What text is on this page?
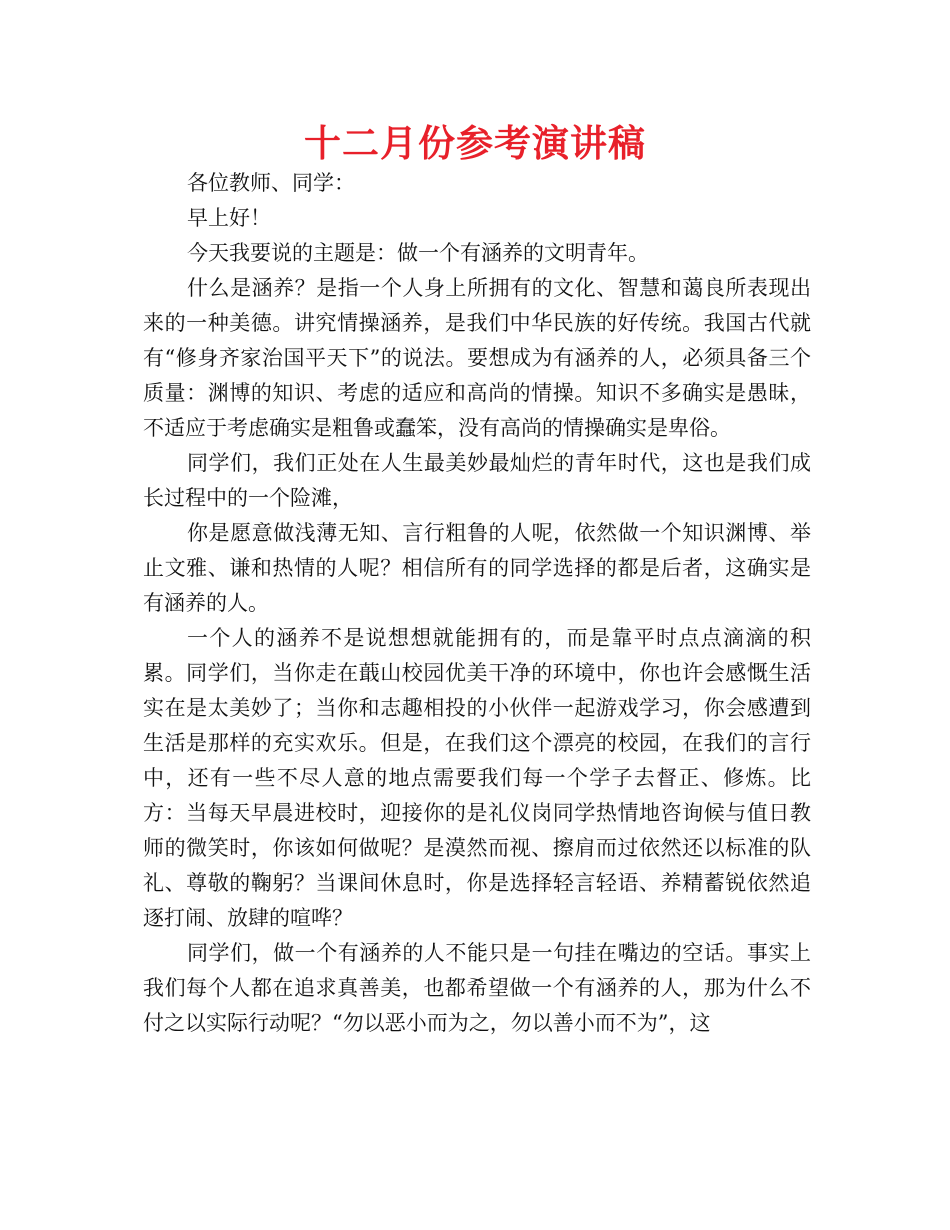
十二月份参考演讲稿

各位教师、同学：

早上好！

今天我要说的主题是：做一个有涵养的文明青年。

什么是涵养？是指一个人身上所拥有的文化、智慧和蔼良所表现出来的一种美德。讲究情操涵养，是我们中华民族的好传统。我国古代就有“修身齐家治国平天下”的说法。要想成为有涵养的人，必须具备三个质量：渊博的知识、考虑的适应和高尚的情操。知识不多确实是愚昧，不适应于考虑确实是粗鲁或蠢笨，没有高尚的情操确实是卑俗。

同学们，我们正处在人生最美妙最灿烂的青年时代，这也是我们成长过程中的一个险滩，

你是愿意做浅薄无知、言行粗鲁的人呢，依然做一个知识渊博、举止文雅、谦和热情的人呢？相信所有的同学选择的都是后者，这确实是有涵养的人。

一个人的涵养不是说想想就能拥有的，而是靠平时点点滴滴的积累。同学们，当你走在蕺山校园优美干净的环境中，你也许会感慨生活实在是太美妙了；当你和志趣相投的小伙伴一起游戏学习，你会感遭到生活是那样的充实欢乐。但是，在我们这个漂亮的校园，在我们的言行中，还有一些不尽人意的地点需要我们每一个学子去督正、修炼。比方：当每天早晨进校时，迎接你的是礼仪岗同学热情地咨询候与值日教师的微笑时，你该如何做呢？是漠然而视、擦肩而过依然还以标准的队礼、尊敬的鞠躬？当课间休息时，你是选择轻言轻语、养精蓄锐依然追逐打闹、放肆的喧哗？

同学们，做一个有涵养的人不能只是一句挂在嘴边的空话。事实上我们每个人都在追求真善美，也都希望做一个有涵养的人，那为什么不付之以实际行动呢？“勿以恶小而为之，勿以善小而不为”，这
